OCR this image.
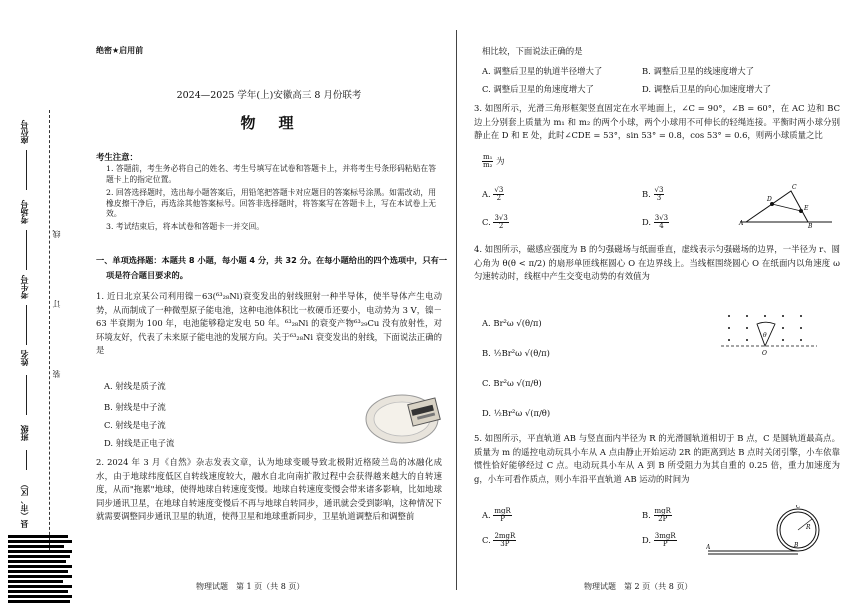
座位号
考场号
考生号
姓名
班级
县（市、区）
线
订
装
绝密★启用前
2024—2025 学年(上)安徽高三 8 月份联考
物　理
考生注意：
1. 答题前，考生务必将自己的姓名、考生号填写在试卷和答题卡上，并将考生号条形码粘贴在答题卡上的指定位置。
2. 回答选择题时，选出每小题答案后，用铅笔把答题卡对应题目的答案标号涂黑。如需改动，用橡皮擦干净后，再选涂其他答案标号。回答非选择题时，将答案写在答题卡上，写在本试卷上无效。
3. 考试结束后，将本试卷和答题卡一并交回。
一、单项选择题：本题共 8 小题，每小题 4 分，共 32 分。在每小题给出的四个选项中，只有一
项是符合题目要求的。
1. 近日北京某公司利用镍－63(⁶³₂₈Ni)衰变发出的射线照射一种半导体，使半导体产生电动势，从而制成了一种微型原子能电池，这种电池体积比一枚硬币还要小，电动势为 3 V，镍－63 半衰期为 100 年，电池能够稳定发电 50 年。⁶³₂₈Ni 的衰变产物⁶³₂₉Cu 没有放射性，对环境友好，代表了未来原子能电池的发展方向。关于⁶³₂₈Ni 衰变发出的射线，下面说法正确的是
A. 射线是质子流
B. 射线是中子流
C. 射线是电子流
D. 射线是正电子流
2. 2024 年 3 月《自然》杂志发表文章，认为地球变暖导致北极附近格陵兰岛的冰融化成水，由于地球纬度低区自转线速度较大，融水自北向南扩散过程中会获得越来越大的自转速度，从而"拖累"地球，使得地球自转速度变慢。地球自转速度变慢会带来诸多影响，比如地球同步通讯卫星，在地球自转速度变慢后不再与地球自转同步，通讯就会受到影响，这种情况下就需要调整同步通讯卫星的轨道，使得卫星和地球重新同步，卫星轨道调整后和调整前
物理试题　第 1 页（共 8 页）
相比较，下面说法正确的是
A. 调整后卫星的轨道半径增大了	B. 调整后卫星的线速度增大了
C. 调整后卫星的角速度增大了	D. 调整后卫星的向心加速度增大了
3. 如图所示，光滑三角形框架竖直固定在水平地面上，∠C = 90°，∠B = 60°，在 AC 边和 BC 边上分别套上质量为 m₁ 和 m₂ 的两个小球，两个小球用不可伸长的轻绳连接。平衡时两小球分别静止在 D 和 E 处，此时∠CDE = 53°，sin 53° = 0.8，cos 53° = 0.6，则两小球质量之比
$\frac{\text{m₁}}{\text{m₂}}$ 为
A. $\frac{√3}{2}$	B. $\frac{√3}{3}$
C. $\frac{3√3}{2}$	D. $\frac{3√3}{4}$	A	B
C
D
E
4. 如图所示，磁感应强度为 B 的匀强磁场与纸面垂直，虚线表示匀强磁场的边界，一半径为 r、圆心角为 θ(θ < π/2) 的扇形单匝线框圆心 O 在边界线上。当线框围绕圆心 O 在纸面内以角速度 ω 匀速转动时，线框中产生交变电动势的有效值为
A. Br²ω √(θ/π)
B. ½Br²ω √(θ/π)
C. Br²ω √(π/θ)
D. ½Br²ω √(π/θ)
θ
O
5. 如图所示，平直轨道 AB 与竖直面内半径为 R 的光滑圆轨道相切于 B 点，C 是圆轨道最高点。质量为 m 的遥控电动玩具小车从 A 点由静止开始运动 2R 的距离到达 B 点时关闭引擎，小车依靠惯性恰好能够经过 C 点。电动玩具小车从 A 到 B 所受阻力为其自重的 0.25 倍，重力加速度为 g，小车可看作质点，则小车沿平直轨道 AB 运动的时间为
A. $\frac{\text{mgR}}{P}$	B. $\frac{\text{mgR}}{2P}$
C. $\frac{\text{2mgR}}{3P}$	D. $\frac{\text{3mgR}}{P}$
C
R
A	B
物理试题　第 2 页（共 8 页）
